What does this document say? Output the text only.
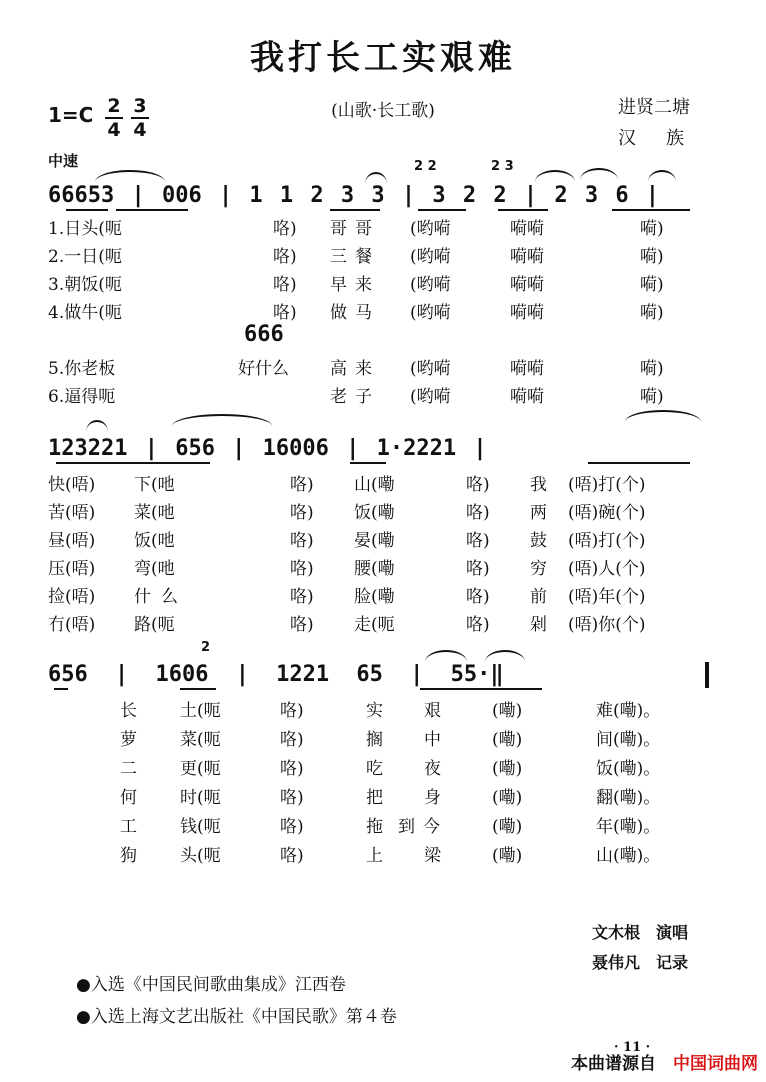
我打长工实艰难
(山歌·长工歌)	进贤二塘
汉　族
1=C 2
4
3
4
中速	2 2	2 3
66653 | 006 | 1 1 2 3 3 | 3 2 2 | 2 3 6 |
1.日头(呃	咯) 哥哥 (哟嗬	嗬嗬	嗬)
2.一日(呃	咯) 三餐 (哟嗬	嗬嗬	嗬)
3.朝饭(呃	咯) 早来 (哟嗬	嗬嗬	嗬)
4.做牛(呃	咯) 做马 (哟嗬	嗬嗬	嗬)
666
5.你老板	好什么 高来 (哟嗬	嗬嗬	嗬)
6.逼得呃	老子 (哟嗬	嗬嗬	嗬)
123221 | 656 | 16006 | 1·2221 |
快(唔) 下(吔	咯) 山(嘞	咯) 我 (唔)打(个)
苦(唔) 菜(吔	咯) 饭(嘞	咯) 两 (唔)碗(个)
昼(唔) 饭(吔	咯) 晏(嘞	咯) 鼓 (唔)打(个)
压(唔) 弯(吔	咯) 腰(嘞	咯) 穷 (唔)人(个)
捡(唔) 什么	咯) 脸(嘞	咯) 前 (唔)年(个)
冇(唔) 路(呃	咯) 走(呃	咯) 剁 (唔)你(个)
2
656 | 1606 | 1221 65 | 55·‖
长	土(呃	咯)	实 艰 (嘞)	难(嘞)。
萝	菜(呃	咯)	搁 中 (嘞)	间(嘞)。
二	更(呃	咯)	吃 夜 (嘞)	饭(嘞)。
何	时(呃	咯)	把 身 (嘞)	翻(嘞)。
工	钱(呃	咯)	拖 到今	(嘞)	年(嘞)。
狗	头(呃	咯)	上 梁 (嘞)	山(嘞)。
文木根　演唱
聂伟凡　记录
●入选《中国民间歌曲集成》江西卷
●入选上海文艺出版社《中国民歌》第４卷
· 11 ·
本曲谱源自 中国词曲网
